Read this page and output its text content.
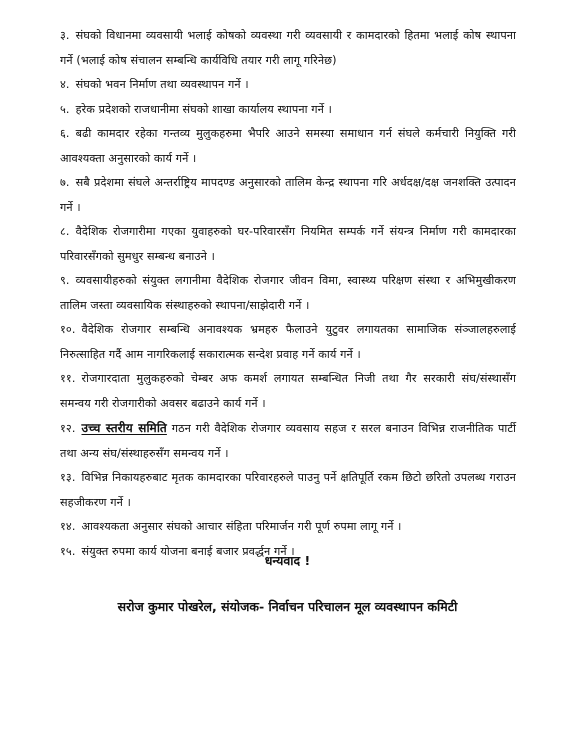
३. संघको विधानमा व्यवसायी भलाई कोषको व्यवस्था गरी व्यवसायी र कामदारको हितमा भलाई कोष स्थापना गर्ने (भलाई कोष संचालन सम्बन्धि कार्यविधि तयार गरी लागू गरिनेछ)
४. संघको भवन निर्माण तथा व्यवस्थापन गर्ने ।
५. हरेक प्रदेशको राजधानीमा संघको शाखा कार्यालय स्थापना गर्ने ।
६. बढी कामदार रहेका गन्तव्य मुलुकहरुमा भैपरि आउने समस्या समाधान गर्न संघले कर्मचारी नियुक्ति गरी आवश्यक्ता अनुसारको कार्य गर्ने ।
७. सबै प्रदेशमा संघले अन्तर्राष्ट्रिय मापदण्ड अनुसारको तालिम केन्द्र स्थापना गरि अर्धदक्ष/दक्ष जनशक्ति उत्पादन गर्ने ।
८. वैदेशिक रोजगारीमा गएका युवाहरुको घर-परिवारसँग नियमित सम्पर्क गर्ने संयन्त्र निर्माण गरी कामदारका परिवारसँगको सुमधुर सम्बन्ध बनाउने ।
९. व्यवसायीहरुको संयुक्त लगानीमा वैदेशिक रोजगार जीवन विमा, स्वास्थ्य परिक्षण संस्था र अभिमुखीकरण तालिम जस्ता व्यवसायिक संस्थाहरुको स्थापना/साझेदारी गर्ने ।
१०. वैदेशिक रोजगार सम्बन्धि अनावश्यक भ्रमहरु फैलाउने युटुवर लगायतका सामाजिक संञ्जालहरुलाई निरुत्साहित गर्दै आम नागरिकलाई सकारात्मक सन्देश प्रवाह गर्ने कार्य गर्ने ।
११. रोजगारदाता मुलुकहरुको चेम्बर अफ कमर्श लगायत सम्बन्धित निजी तथा गैर सरकारी संघ/संस्थासँग समन्वय गरी रोजगारीको अवसर बढाउने कार्य गर्ने ।
१२. उच्च स्तरीय समिति गठन गरी वैदेशिक रोजगार व्यवसाय सहज र सरल बनाउन विभिन्न राजनीतिक पार्टी तथा अन्य संघ/संस्थाहरुसँग समन्वय गर्ने ।
१३. विभिन्न निकायहरुबाट मृतक कामदारका परिवारहरुले पाउनु पर्ने क्षतिपूर्ति रकम छिटो छरितो उपलब्ध गराउन सहजीकरण गर्ने ।
१४. आवश्यकता अनुसार संघको आचार संहिता परिमार्जन गरी पूर्ण रुपमा लागू गर्ने ।
१५. संयुक्त रुपमा कार्य योजना बनाई बजार प्रवर्द्धन गर्ने ।
धन्यवाद !
सरोज कुमार पोखरेल, संयोजक- निर्वाचन परिचालन मूल व्यवस्थापन कमिटी
